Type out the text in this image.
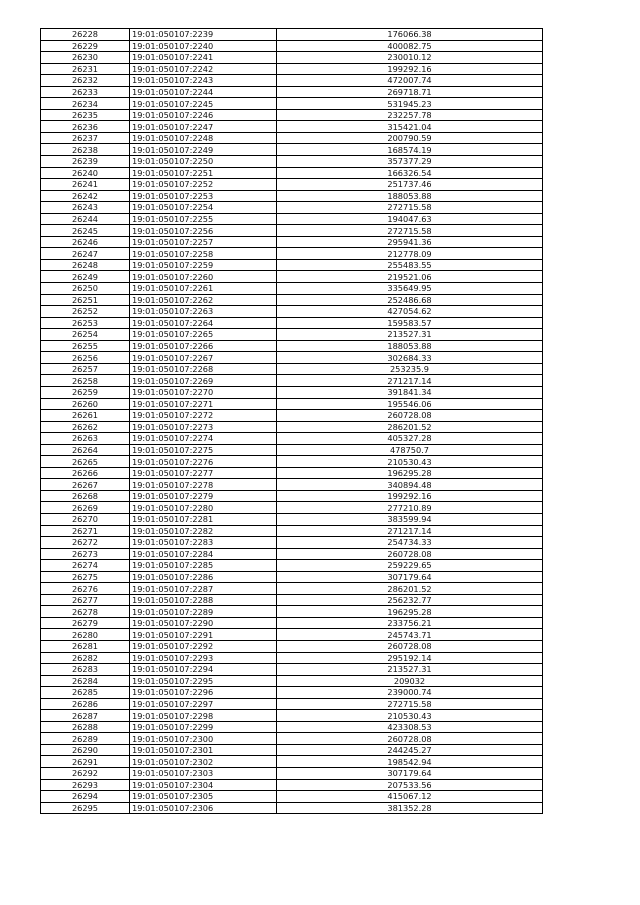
26228	19:01:050107:2239	176066.38
26229	19:01:050107:2240	400082.75
26230	19:01:050107:2241	230010.12
26231	19:01:050107:2242	199292.16
26232	19:01:050107:2243	472007.74
26233	19:01:050107:2244	269718.71
26234	19:01:050107:2245	531945.23
26235	19:01:050107:2246	232257.78
26236	19:01:050107:2247	315421.04
26237	19:01:050107:2248	200790.59
26238	19:01:050107:2249	168574.19
26239	19:01:050107:2250	357377.29
26240	19:01:050107:2251	166326.54
26241	19:01:050107:2252	251737.46
26242	19:01:050107:2253	188053.88
26243	19:01:050107:2254	272715.58
26244	19:01:050107:2255	194047.63
26245	19:01:050107:2256	272715.58
26246	19:01:050107:2257	295941.36
26247	19:01:050107:2258	212778.09
26248	19:01:050107:2259	255483.55
26249	19:01:050107:2260	219521.06
26250	19:01:050107:2261	335649.95
26251	19:01:050107:2262	252486.68
26252	19:01:050107:2263	427054.62
26253	19:01:050107:2264	159583.57
26254	19:01:050107:2265	213527.31
26255	19:01:050107:2266	188053.88
26256	19:01:050107:2267	302684.33
26257	19:01:050107:2268	253235.9
26258	19:01:050107:2269	271217.14
26259	19:01:050107:2270	391841.34
26260	19:01:050107:2271	195546.06
26261	19:01:050107:2272	260728.08
26262	19:01:050107:2273	286201.52
26263	19:01:050107:2274	405327.28
26264	19:01:050107:2275	478750.7
26265	19:01:050107:2276	210530.43
26266	19:01:050107:2277	196295.28
26267	19:01:050107:2278	340894.48
26268	19:01:050107:2279	199292.16
26269	19:01:050107:2280	277210.89
26270	19:01:050107:2281	383599.94
26271	19:01:050107:2282	271217.14
26272	19:01:050107:2283	254734.33
26273	19:01:050107:2284	260728.08
26274	19:01:050107:2285	259229.65
26275	19:01:050107:2286	307179.64
26276	19:01:050107:2287	286201.52
26277	19:01:050107:2288	256232.77
26278	19:01:050107:2289	196295.28
26279	19:01:050107:2290	233756.21
26280	19:01:050107:2291	245743.71
26281	19:01:050107:2292	260728.08
26282	19:01:050107:2293	295192.14
26283	19:01:050107:2294	213527.31
26284	19:01:050107:2295	209032
26285	19:01:050107:2296	239000.74
26286	19:01:050107:2297	272715.58
26287	19:01:050107:2298	210530.43
26288	19:01:050107:2299	423308.53
26289	19:01:050107:2300	260728.08
26290	19:01:050107:2301	244245.27
26291	19:01:050107:2302	198542.94
26292	19:01:050107:2303	307179.64
26293	19:01:050107:2304	207533.56
26294	19:01:050107:2305	415067.12
26295	19:01:050107:2306	381352.28
